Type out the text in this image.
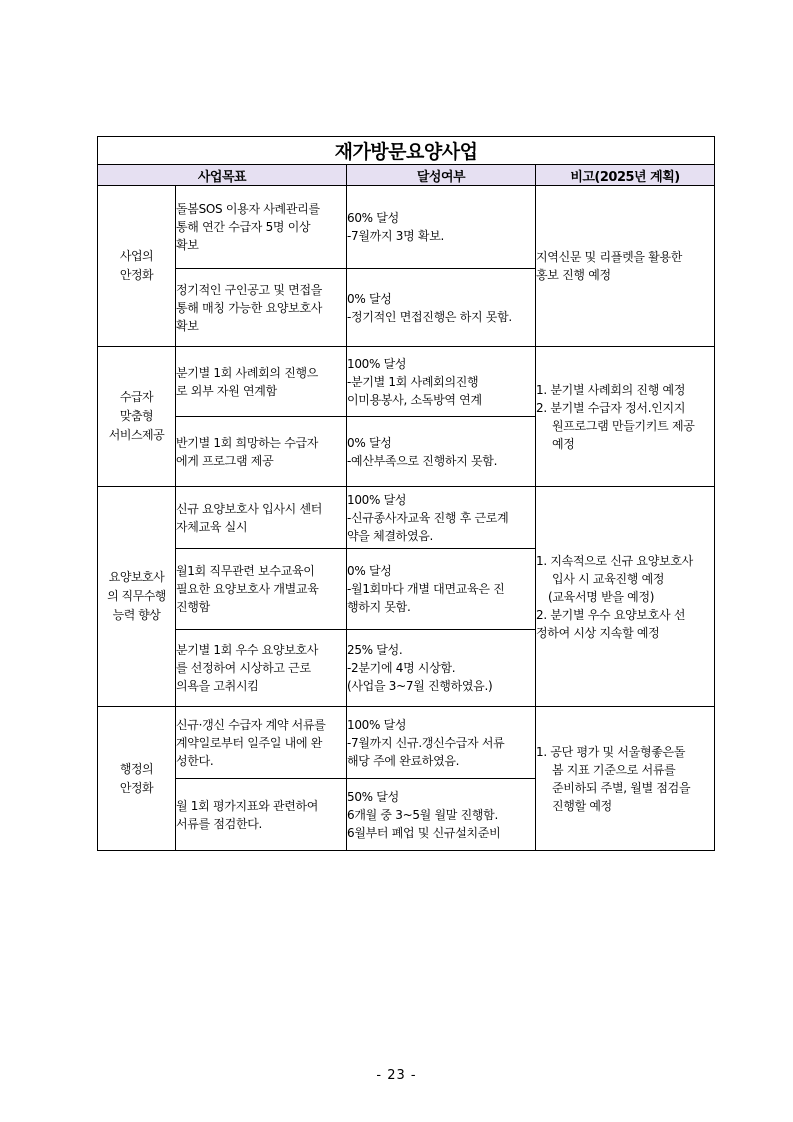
재가방문요양사업			
사업목표		달성여부	비고(2025년 계획)

사업의
안정화	돌봄SOS 이용자 사례관리를
통해 연간 수급자 5명 이상
확보	60% 달성
-7월까지 3명 확보.	지역신문 및 리플렛을 활용한
홍보 진행 예정

	정기적인 구인공고 및 면접을
통해 매칭 가능한 요양보호사
확보	0% 달성
-정기적인 면접진행은 하지 못함.	

수급자
맞춤형
서비스제공	분기별 1회 사례회의 진행으
로 외부 자원 연계함	100% 달성
-분기별 1회 사례회의진행
이미용봉사, 소독방역 연계	1. 분기별 사례회의 진행 예정
2. 분기별 수급자 정서.인지지
원프로그램 만들기키트 제공
예정

	반기별 1회 희망하는 수급자
에게 프로그램 제공	0% 달성
-예산부족으로 진행하지 못함.	

요양보호사
의 직무수행
능력 향상	신규 요양보호사 입사시 센터
자체교육 실시	100% 달성
-신규종사자교육 진행 후 근로계
약을 체결하였음.	1. 지속적으로 신규 요양보호사
입사 시 교육진행 예정
(교육서명 받을 예정)
2. 분기별 우수 요양보호사 선
정하여 시상 지속할 예정

	월1회 직무관련 보수교육이
필요한 요양보호사 개별교육
진행함	0% 달성
-월1회마다 개별 대면교육은 진
행하지 못함.	

	분기별 1회 우수 요양보호사
를 선정하여 시상하고 근로
의욕을 고취시킴	25% 달성.
-2분기에 4명 시상함.
(사업을 3~7월 진행하였음.)	

행정의
안정화	신규·갱신 수급자 계약 서류를
계약일로부터 일주일 내에 완
성한다.	100% 달성
-7월까지 신규.갱신수급자 서류
해당 주에 완료하였음.	1. 공단 평가 및 서울형좋은돌
봄 지표 기준으로 서류를
준비하되 주별, 월별 점검을
진행할 예정

	월 1회 평가지표와 관련하여
서류를 점검한다.	50% 달성
6개월 중 3~5월 월말 진행함.
6월부터 폐업 및 신규설치준비	
- 23 -
